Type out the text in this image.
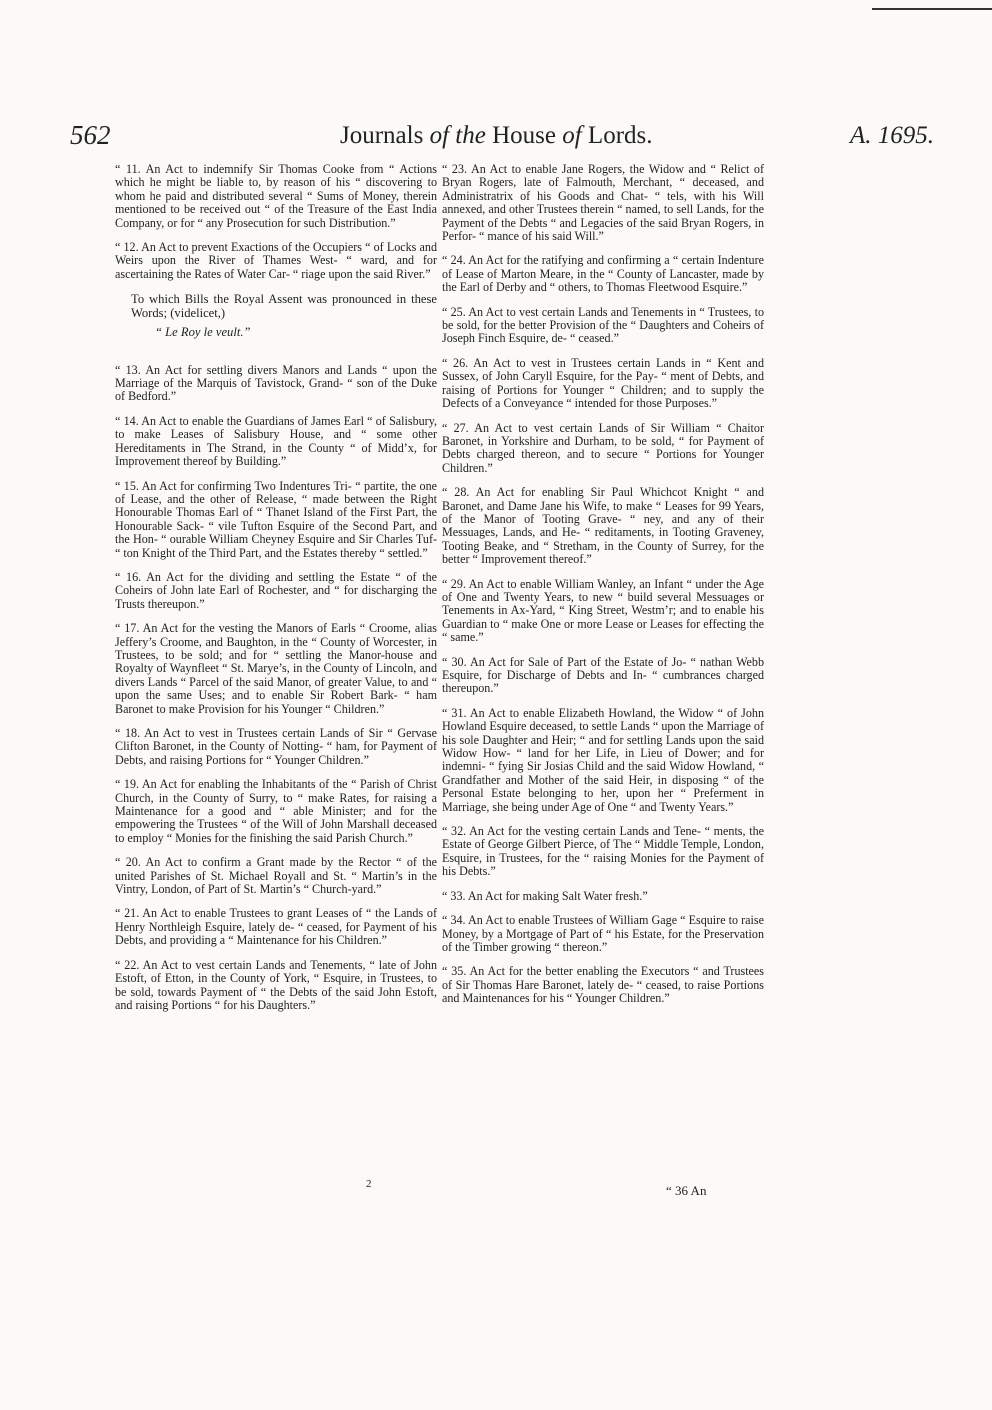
562	Journals of the House of Lords.	A. 1695.

“ 11. An Act to indemnify Sir Thomas Cooke from “ Actions which he might be liable to, by reason of his “ discovering to whom he paid and distributed several “ Sums of Money, therein mentioned to be received out “ of the Treasure of the East India Company, or for “ any Prosecution for such Distribution.”

“ 12. An Act to prevent Exactions of the Occupiers “ of Locks and Weirs upon the River of Thames West- “ ward, and for ascertaining the Rates of Water Car- “ riage upon the said River.”

To which Bills the Royal Assent was pronounced in these Words; (videlicet,)

“ Le Roy le veult.”

“ 13. An Act for settling divers Manors and Lands “ upon the Marriage of the Marquis of Tavistock, Grand- “ son of the Duke of Bedford.”

“ 14. An Act to enable the Guardians of James Earl “ of Salisbury, to make Leases of Salisbury House, and “ some other Hereditaments in The Strand, in the County “ of Midd’x, for Improvement thereof by Building.”

“ 15. An Act for confirming Two Indentures Tri- “ partite, the one of Lease, and the other of Release, “ made between the Right Honourable Thomas Earl of “ Thanet Island of the First Part, the Honourable Sack- “ vile Tufton Esquire of the Second Part, and the Hon- “ ourable William Cheyney Esquire and Sir Charles Tuf- “ ton Knight of the Third Part, and the Estates thereby “ settled.”

“ 16. An Act for the dividing and settling the Estate “ of the Coheirs of John late Earl of Rochester, and “ for discharging the Trusts thereupon.”

“ 17. An Act for the vesting the Manors of Earls “ Croome, alias Jeffery’s Croome, and Baughton, in the “ County of Worcester, in Trustees, to be sold; and for “ settling the Manor-house and Royalty of Waynfleet “ St. Marye’s, in the County of Lincoln, and divers Lands “ Parcel of the said Manor, of greater Value, to and “ upon the same Uses; and to enable Sir Robert Bark- “ ham Baronet to make Provision for his Younger “ Children.”

“ 18. An Act to vest in Trustees certain Lands of Sir “ Gervase Clifton Baronet, in the County of Notting- “ ham, for Payment of Debts, and raising Portions for “ Younger Children.”

“ 19. An Act for enabling the Inhabitants of the “ Parish of Christ Church, in the County of Surry, to “ make Rates, for raising a Maintenance for a good and “ able Minister; and for the empowering the Trustees “ of the Will of John Marshall deceased to employ “ Monies for the finishing the said Parish Church.”

“ 20. An Act to confirm a Grant made by the Rector “ of the united Parishes of St. Michael Royall and St. “ Martin’s in the Vintry, London, of Part of St. Martin’s “ Church-yard.”

“ 21. An Act to enable Trustees to grant Leases of “ the Lands of Henry Northleigh Esquire, lately de- “ ceased, for Payment of his Debts, and providing a “ Maintenance for his Children.”

“ 22. An Act to vest certain Lands and Tenements, “ late of John Estoft, of Etton, in the County of York, “ Esquire, in Trustees, to be sold, towards Payment of “ the Debts of the said John Estoft, and raising Portions “ for his Daughters.”

“ 23. An Act to enable Jane Rogers, the Widow and “ Relict of Bryan Rogers, late of Falmouth, Merchant, “ deceased, and Administratrix of his Goods and Chat- “ tels, with his Will annexed, and other Trustees therein “ named, to sell Lands, for the Payment of the Debts “ and Legacies of the said Bryan Rogers, in Perfor- “ mance of his said Will.”

“ 24. An Act for the ratifying and confirming a “ certain Indenture of Lease of Marton Meare, in the “ County of Lancaster, made by the Earl of Derby and “ others, to Thomas Fleetwood Esquire.”

“ 25. An Act to vest certain Lands and Tenements in “ Trustees, to be sold, for the better Provision of the “ Daughters and Coheirs of Joseph Finch Esquire, de- “ ceased.”

“ 26. An Act to vest in Trustees certain Lands in “ Kent and Sussex, of John Caryll Esquire, for the Pay- “ ment of Debts, and raising of Portions for Younger “ Children; and to supply the Defects of a Conveyance “ intended for those Purposes.”

“ 27. An Act to vest certain Lands of Sir William “ Chaitor Baronet, in Yorkshire and Durham, to be sold, “ for Payment of Debts charged thereon, and to secure “ Portions for Younger Children.”

“ 28. An Act for enabling Sir Paul Whichcot Knight “ and Baronet, and Dame Jane his Wife, to make “ Leases for 99 Years, of the Manor of Tooting Grave- “ ney, and any of their Messuages, Lands, and He- “ reditaments, in Tooting Graveney, Tooting Beake, and “ Stretham, in the County of Surrey, for the better “ Improvement thereof.”

“ 29. An Act to enable William Wanley, an Infant “ under the Age of One and Twenty Years, to new “ build several Messuages or Tenements in Ax-Yard, “ King Street, Westm’r; and to enable his Guardian to “ make One or more Lease or Leases for effecting the “ same.”

“ 30. An Act for Sale of Part of the Estate of Jo- “ nathan Webb Esquire, for Discharge of Debts and In- “ cumbrances charged thereupon.”

“ 31. An Act to enable Elizabeth Howland, the Widow “ of John Howland Esquire deceased, to settle Lands “ upon the Marriage of his sole Daughter and Heir; “ and for settling Lands upon the said Widow How- “ land for her Life, in Lieu of Dower; and for indemni- “ fying Sir Josias Child and the said Widow Howland, “ Grandfather and Mother of the said Heir, in disposing “ of the Personal Estate belonging to her, upon her “ Preferment in Marriage, she being under Age of One “ and Twenty Years.”

“ 32. An Act for the vesting certain Lands and Tene- “ ments, the Estate of George Gilbert Pierce, of The “ Middle Temple, London, Esquire, in Trustees, for the “ raising Monies for the Payment of his Debts.”

“ 33. An Act for making Salt Water fresh.”

“ 34. An Act to enable Trustees of William Gage “ Esquire to raise Money, by a Mortgage of Part of “ his Estate, for the Preservation of the Timber growing “ thereon.”

“ 35. An Act for the better enabling the Executors “ and Trustees of Sir Thomas Hare Baronet, lately de- “ ceased, to raise Portions and Maintenances for his “ Younger Children.”

2	“ 36 An
